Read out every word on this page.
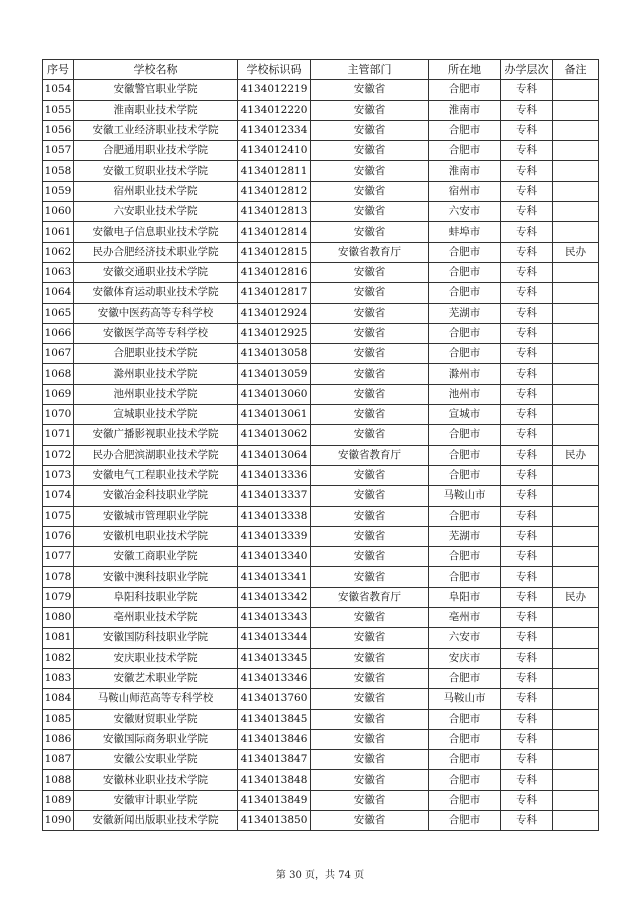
序号	学校名称	学校标识码	主管部门	所在地	办学层次	备注
1054	安徽警官职业学院	4134012219	安徽省	合肥市	专科	
1055	淮南职业技术学院	4134012220	安徽省	淮南市	专科	
1056	安徽工业经济职业技术学院	4134012334	安徽省	合肥市	专科	
1057	合肥通用职业技术学院	4134012410	安徽省	合肥市	专科	
1058	安徽工贸职业技术学院	4134012811	安徽省	淮南市	专科	
1059	宿州职业技术学院	4134012812	安徽省	宿州市	专科	
1060	六安职业技术学院	4134012813	安徽省	六安市	专科	
1061	安徽电子信息职业技术学院	4134012814	安徽省	蚌埠市	专科	
1062	民办合肥经济技术职业学院	4134012815	安徽省教育厅	合肥市	专科	民办
1063	安徽交通职业技术学院	4134012816	安徽省	合肥市	专科	
1064	安徽体育运动职业技术学院	4134012817	安徽省	合肥市	专科	
1065	安徽中医药高等专科学校	4134012924	安徽省	芜湖市	专科	
1066	安徽医学高等专科学校	4134012925	安徽省	合肥市	专科	
1067	合肥职业技术学院	4134013058	安徽省	合肥市	专科	
1068	滁州职业技术学院	4134013059	安徽省	滁州市	专科	
1069	池州职业技术学院	4134013060	安徽省	池州市	专科	
1070	宣城职业技术学院	4134013061	安徽省	宣城市	专科	
1071	安徽广播影视职业技术学院	4134013062	安徽省	合肥市	专科	
1072	民办合肥滨湖职业技术学院	4134013064	安徽省教育厅	合肥市	专科	民办
1073	安徽电气工程职业技术学院	4134013336	安徽省	合肥市	专科	
1074	安徽冶金科技职业学院	4134013337	安徽省	马鞍山市	专科	
1075	安徽城市管理职业学院	4134013338	安徽省	合肥市	专科	
1076	安徽机电职业技术学院	4134013339	安徽省	芜湖市	专科	
1077	安徽工商职业学院	4134013340	安徽省	合肥市	专科	
1078	安徽中澳科技职业学院	4134013341	安徽省	合肥市	专科	
1079	阜阳科技职业学院	4134013342	安徽省教育厅	阜阳市	专科	民办
1080	亳州职业技术学院	4134013343	安徽省	亳州市	专科	
1081	安徽国防科技职业学院	4134013344	安徽省	六安市	专科	
1082	安庆职业技术学院	4134013345	安徽省	安庆市	专科	
1083	安徽艺术职业学院	4134013346	安徽省	合肥市	专科	
1084	马鞍山师范高等专科学校	4134013760	安徽省	马鞍山市	专科	
1085	安徽财贸职业学院	4134013845	安徽省	合肥市	专科	
1086	安徽国际商务职业学院	4134013846	安徽省	合肥市	专科	
1087	安徽公安职业学院	4134013847	安徽省	合肥市	专科	
1088	安徽林业职业技术学院	4134013848	安徽省	合肥市	专科	
1089	安徽审计职业学院	4134013849	安徽省	合肥市	专科	
1090	安徽新闻出版职业技术学院	4134013850	安徽省	合肥市	专科	
第 30 页，共 74 页
